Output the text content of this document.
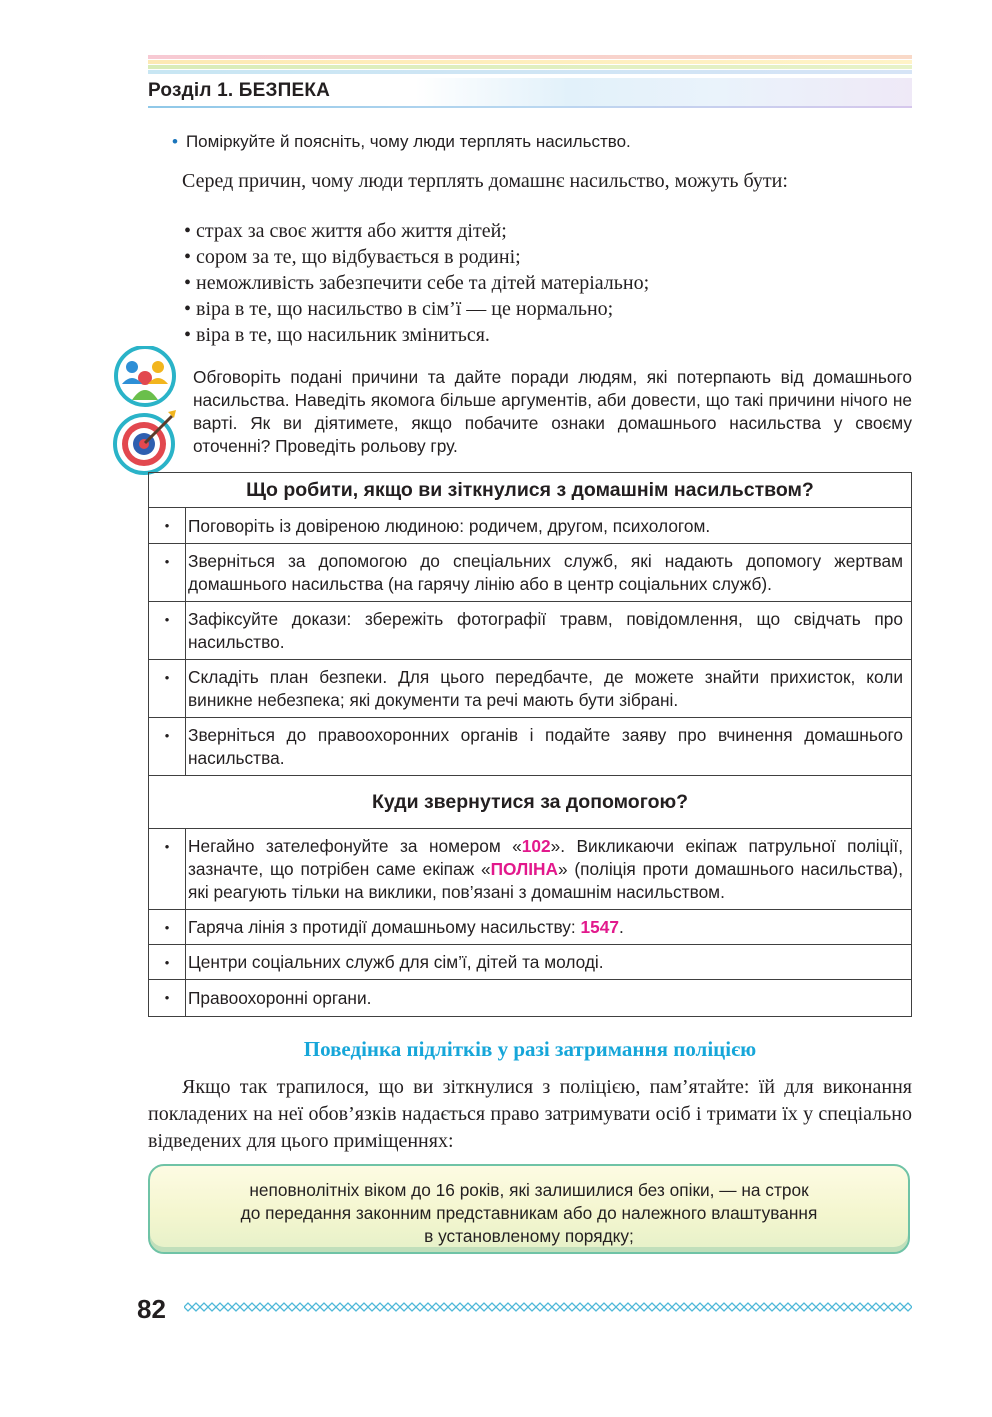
Розділ 1. БЕЗПЕКА
• Поміркуйте й поясніть, чому люди терплять насильство.
Серед причин, чому люди терплять домашнє насильство, можуть бути:
• страх за своє життя або життя дітей;
• сором за те, що відбувається в родині;
• неможливість забезпечити себе та дітей матеріально;
• віра в те, що насильство в сім’ї — це нормально;
• віра в те, що насильник зміниться.
Обговоріть подані причини та дайте поради людям, які потерпають від домашнього насильства. Наведіть якомога більше аргументів, аби довести, що такі причини нічого не варті. Як ви діятимете, якщо побачите ознаки домашнього насильства у своєму оточенні? Проведіть рольову гру.
Що робити, якщо ви зіткнулися з домашнім насильством?	
•	Поговоріть із довіреною людиною: родичем, другом, психологом.
•	Зверніться за допомогою до спеціальних служб, які надають допомогу жертвам домашнього насильства (на гарячу лінію або в центр соціальних служб).
•	Зафіксуйте докази: збережіть фотографії травм, повідомлення, що свідчать про насильство.
•	Складіть план безпеки. Для цього передбачте, де можете знайти прихисток, коли виникне небезпека; які документи та речі мають бути зібрані.
•	Зверніться до правоохоронних органів і подайте заяву про вчинення домашнього насильства.
Куди звернутися за допомогою?	
•	Негайно зателефонуйте за номером «102». Викликаючи екіпаж патрульної поліції, зазначте, що потрібен саме екіпаж «ПОЛІНА» (поліція проти домашнього насильства), які реагують тільки на виклики, пов’язані з домашнім насильством.
•	Гаряча лінія з протидії домашньому насильству: 1547.
•	Центри соціальних служб для сім’ї, дітей та молоді.
•	Правоохоронні органи.
Поведінка підлітків у разі затримання поліцією
Якщо так трапилося, що ви зіткнулися з поліцією, пам’ятайте: їй для виконання покладених на неї обов’язків надається право затримувати осіб і тримати їх у спеціально відведених для цього приміщеннях:
неповнолітніх віком до 16 років, які залишилися без опіки, — на строк
до передання законним представникам або до належного влаштування
в установленому порядку;
82
